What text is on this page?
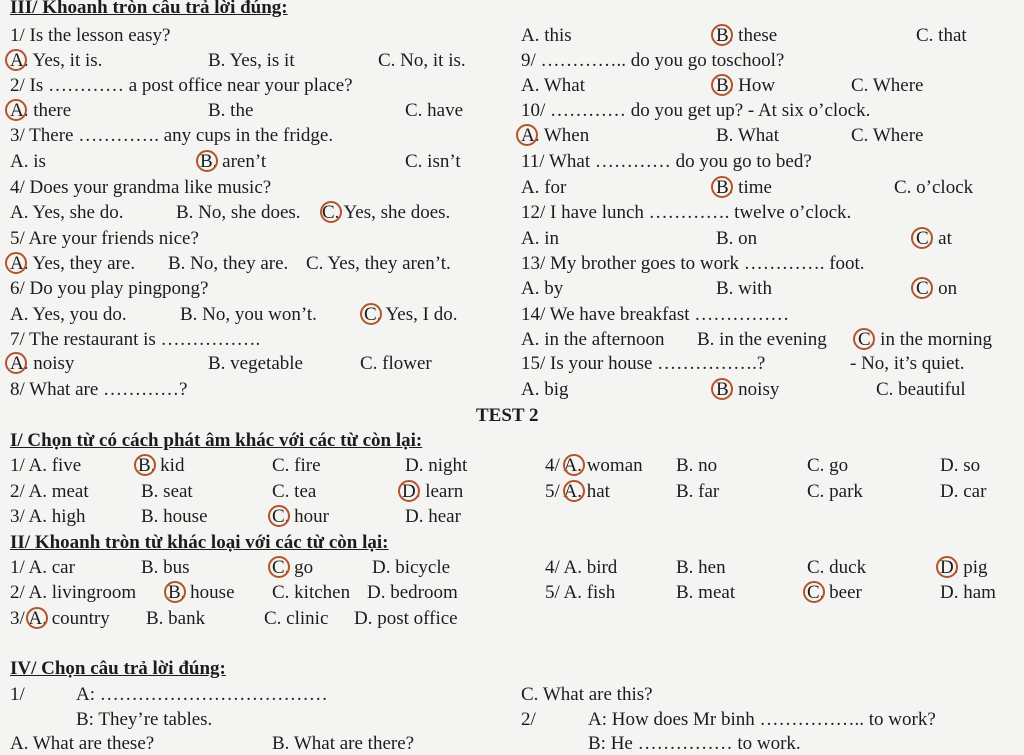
III/ Khoanh tròn câu trả lời đúng:
1/ Is the lesson easy?
A. Yes, it is.	B. Yes, is it	C. No, it is.
2/ Is ………… a post office near your place?
A. there	B. the	C. have
3/ There …………. any cups in the fridge.
A. is	B. aren’t	C. isn’t
4/ Does your grandma like music?
A. Yes, she do.	B. No, she does. C. Yes, she does.
5/ Are your friends nice?
A. Yes, they are. B. No, they are. C. Yes, they aren’t.
6/ Do you play pingpong?
A. Yes, you do.	B. No, you won’t. C. Yes, I do.
7/ The restaurant is …………….
A. noisy	B. vegetable	C. flower
8/ What are …………?
A. this	B. these	C. that
9/ ………….. do you go toschool?
A. What	B. How	C. Where
10/ ………… do you get up? - At six o’clock.
A. When	B. What	C. Where
11/ What ………… do you go to bed?
A. for	B. time	C. o’clock
12/ I have lunch …………. twelve o’clock.
A. in	B. on	C. at
13/ My brother goes to work …………. foot.
A. by	B. with	C. on
14/ We have breakfast ……………
A. in the afternoon B. in the evening C. in the morning
15/ Is your house …………….?	- No, it’s quiet.
A. big	B. noisy	C. beautiful
TEST 2
I/ Chọn từ có cách phát âm khác với các từ còn lại:
1/ A. five	B. kid	C. fire	D. night
2/ A. meat	B. seat	C. tea	D. learn
3/ A. high	B. house	C. hour	D. hear
4/ A. woman B. no	C. go	D. so
5/ A. hat	B. far	C. park	D. car
II/ Khoanh tròn từ khác loại với các từ còn lại:
1/ A. car	B. bus	C. go	D. bicycle
2/ A. livingroom B. house C. kitchen D. bedroom
3/ A. country B. bank	C. clinic D. post office
4/ A. bird	B. hen	C. duck	D. pig
5/ A. fish	B. meat	C. beer	D. ham
IV/ Chọn câu trả lời đúng:
1/	A: ………………………………
B: They’re tables.
A. What are these?	B. What are there?
C. What are this?
2/	A: How does Mr binh …………….. to work?
B: He …………… to work.
